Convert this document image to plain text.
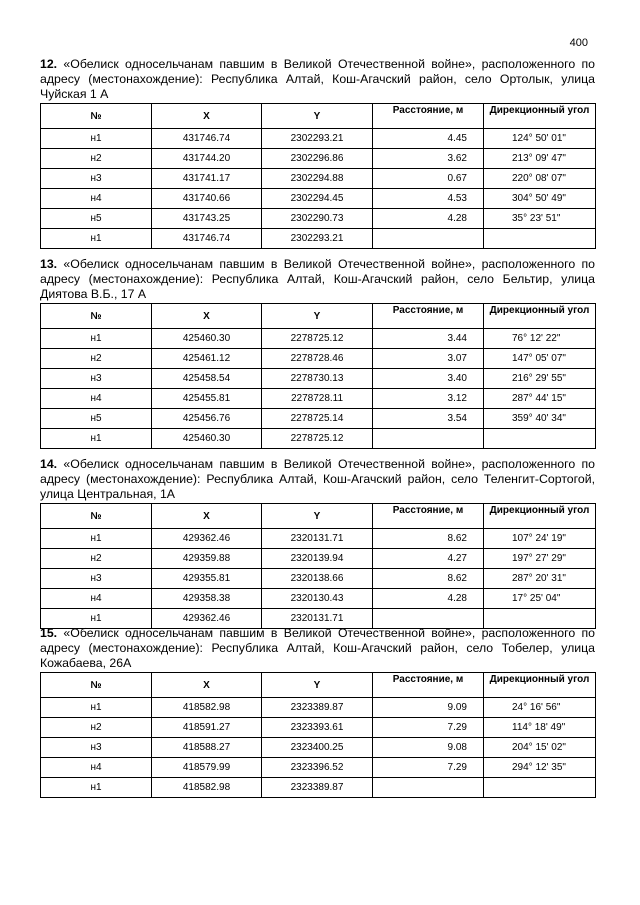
400

12. «Обелиск односельчанам павшим в Великой Отечественной войне», расположенного по адресу (местонахождение): Республика Алтай, Кош-Агачский район, село Ортолык, улица Чуйская 1 А

№	X	Y	Расстояние, м	Дирекционный угол
н1	431746.74	2302293.21	4.45	124° 50' 01"
н2	431744.20	2302296.86	3.62	213° 09' 47"
н3	431741.17	2302294.88	0.67	220° 08' 07"
н4	431740.66	2302294.45	4.53	304° 50' 49"
н5	431743.25	2302290.73	4.28	35° 23' 51"
н1	431746.74	2302293.21		

13. «Обелиск односельчанам павшим в Великой Отечественной войне», расположенного по адресу (местонахождение): Республика Алтай, Кош-Агачский район, село Бельтир, улица Диятова В.Б., 17 А

№	X	Y	Расстояние, м	Дирекционный угол
н1	425460.30	2278725.12	3.44	76° 12' 22"
н2	425461.12	2278728.46	3.07	147° 05' 07"
н3	425458.54	2278730.13	3.40	216° 29' 55"
н4	425455.81	2278728.11	3.12	287° 44' 15"
н5	425456.76	2278725.14	3.54	359° 40' 34"
н1	425460.30	2278725.12		

14. «Обелиск односельчанам павшим в Великой Отечественной войне», расположенного по адресу (местонахождение): Республика Алтай, Кош-Агачский район, село Теленгит-Сортогой, улица Центральная, 1А

№	X	Y	Расстояние, м	Дирекционный угол
н1	429362.46	2320131.71	8.62	107° 24' 19"
н2	429359.88	2320139.94	4.27	197° 27' 29"
н3	429355.81	2320138.66	8.62	287° 20' 31"
н4	429358.38	2320130.43	4.28	17° 25' 04"
н1	429362.46	2320131.71		

15. «Обелиск односельчанам павшим в Великой Отечественной войне», расположенного по адресу (местонахождение): Республика Алтай, Кош-Агачский район, село Тобелер, улица Кожабаева, 26А

№	X	Y	Расстояние, м	Дирекционный угол
н1	418582.98	2323389.87	9.09	24° 16' 56"
н2	418591.27	2323393.61	7.29	114° 18' 49"
н3	418588.27	2323400.25	9.08	204° 15' 02"
н4	418579.99	2323396.52	7.29	294° 12' 35"
н1	418582.98	2323389.87		
